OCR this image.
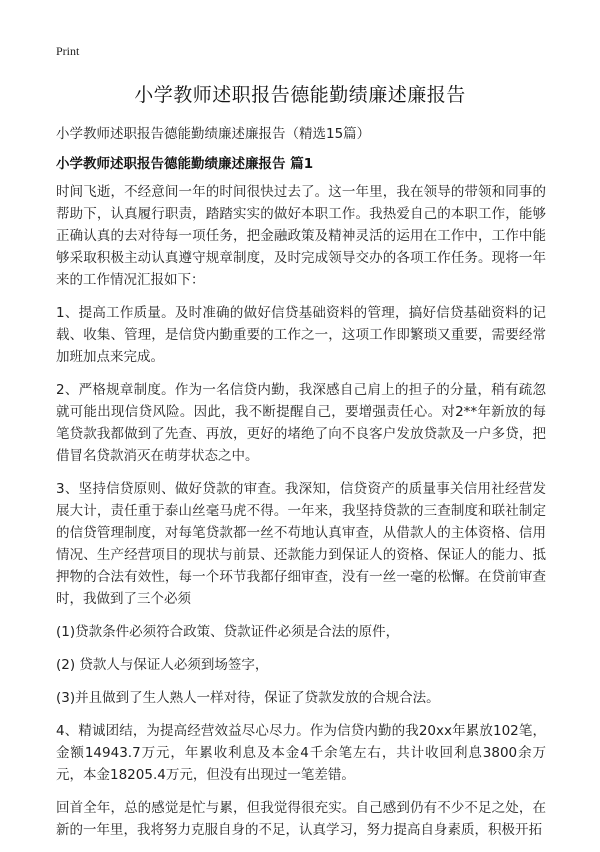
Print
小学教师述职报告德能勤绩廉述廉报告
小学教师述职报告德能勤绩廉述廉报告（精选15篇）
小学教师述职报告德能勤绩廉述廉报告 篇1

时间飞逝，不经意间一年的时间很快过去了。这一年里，我在领导的带领和同事的帮助下，认真履行职责，踏踏实实的做好本职工作。我热爱自己的本职工作，能够正确认真的去对待每一项任务，把金融政策及精神灵活的运用在工作中，工作中能够采取积极主动认真遵守规章制度，及时完成领导交办的各项工作任务。现将一年来的工作情况汇报如下：

1、提高工作质量。及时准确的做好信贷基础资料的管理，搞好信贷基础资料的记载、收集、管理，是信贷内勤重要的工作之一，这项工作即繁琐又重要，需要经常加班加点来完成。

2、严格规章制度。作为一名信贷内勤，我深感自己肩上的担子的分量，稍有疏忽就可能出现信贷风险。因此，我不断提醒自己，要增强责任心。对2**年新放的每笔贷款我都做到了先查、再放，更好的堵绝了向不良客户发放贷款及一户多贷，把借冒名贷款消灭在萌芽状态之中。

3、坚持信贷原则、做好贷款的审查。我深知，信贷资产的质量事关信用社经营发展大计，责任重于泰山丝毫马虎不得。一年来，我坚持贷款的三查制度和联社制定的信贷管理制度，对每笔贷款都一丝不苟地认真审查，从借款人的主体资格、信用情况、生产经营项目的现状与前景、还款能力到保证人的资格、保证人的能力、抵押物的合法有效性，每一个环节我都仔细审查，没有一丝一毫的松懈。在贷前审查时，我做到了三个必须

(1)贷款条件必须符合政策、贷款证件必须是合法的原件，

(2) 贷款人与保证人必须到场签字，

(3)并且做到了生人熟人一样对待，保证了贷款发放的合规合法。

4、精诚团结，为提高经营效益尽心尽力。作为信贷内勤的我20xx年累放102笔，金额14943.7万元，年累收利息及本金4千余笔左右，共计收回利息3800余万元，本金18205.4万元，但没有出现过一笔差错。

回首全年，总的感觉是忙与累，但我觉得很充实。自己感到仍有不少不足之处，在新的一年里，我将努力克服自身的不足，认真学习，努力提高自身素质，积极开拓
